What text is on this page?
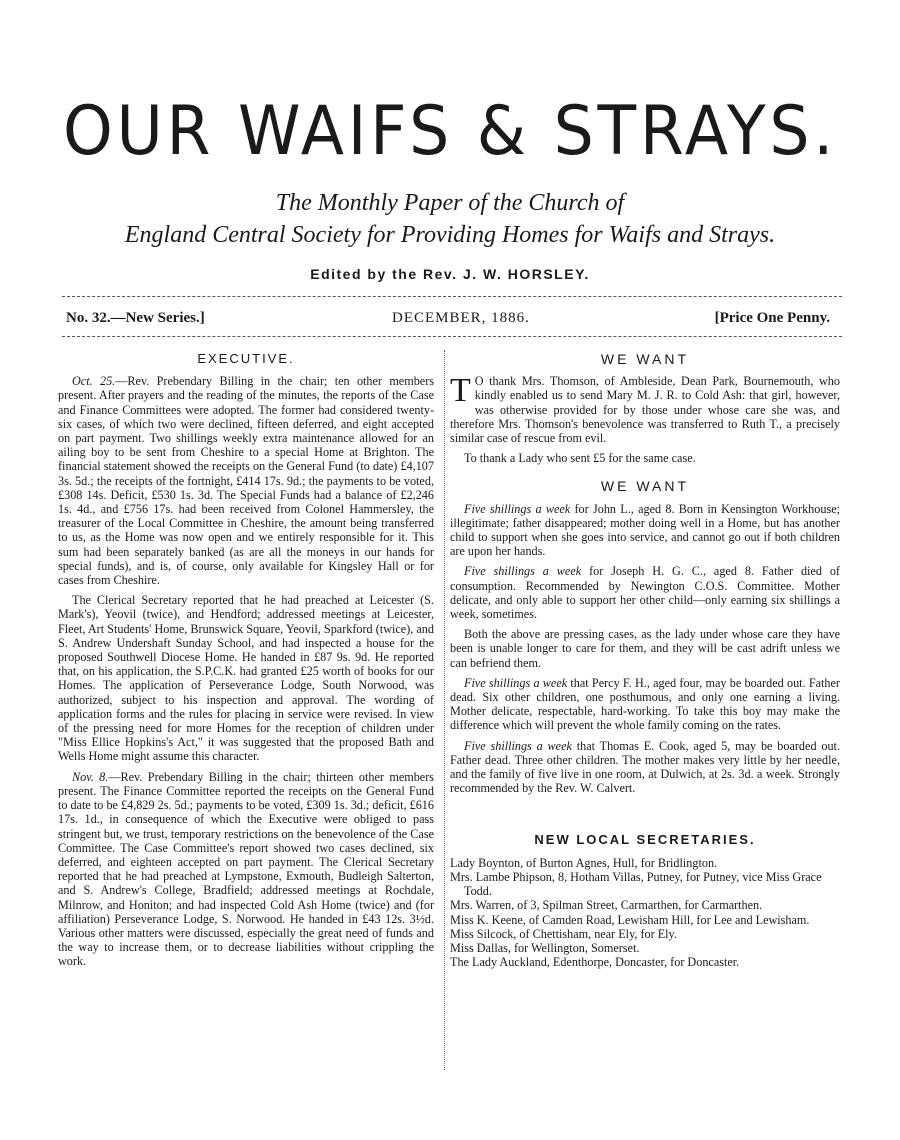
OUR WAIFS & STRAYS.
The Monthly Paper of the Church of
England Central Society for Providing Homes for Waifs and Strays.
Edited by the Rev. J. W. HORSLEY.
No. 32.—New Series.]	DECEMBER, 1886.	[Price One Penny.
EXECUTIVE.

Oct. 25.—Rev. Prebendary Billing in the chair; ten other members present. After prayers and the reading of the minutes, the reports of the Case and Finance Committees were adopted. The former had considered twenty-six cases, of which two were declined, fifteen deferred, and eight accepted on part payment. Two shillings weekly extra maintenance allowed for an ailing boy to be sent from Cheshire to a special Home at Brighton. The financial statement showed the receipts on the General Fund (to date) £4,107 3s. 5d.; the receipts of the fortnight, £414 17s. 9d.; the payments to be voted, £308 14s. Deficit, £530 1s. 3d. The Special Funds had a balance of £2,246 1s. 4d., and £756 17s. had been received from Colonel Hammersley, the treasurer of the Local Committee in Cheshire, the amount being transferred to us, as the Home was now open and we entirely responsible for it. This sum had been separately banked (as are all the moneys in our hands for special funds), and is, of course, only available for Kingsley Hall or for cases from Cheshire.

The Clerical Secretary reported that he had preached at Leicester (S. Mark's), Yeovil (twice), and Hendford; addressed meetings at Leicester, Fleet, Art Students' Home, Brunswick Square, Yeovil, Sparkford (twice), and S. Andrew Undershaft Sunday School, and had inspected a house for the proposed Southwell Diocese Home. He handed in £87 9s. 9d. He reported that, on his application, the S.P.C.K. had granted £25 worth of books for our Homes. The application of Perseverance Lodge, South Norwood, was authorized, subject to his inspection and approval. The wording of application forms and the rules for placing in service were revised. In view of the pressing need for more Homes for the reception of children under "Miss Ellice Hopkins's Act," it was suggested that the proposed Bath and Wells Home might assume this character.

Nov. 8.—Rev. Prebendary Billing in the chair; thirteen other members present. The Finance Committee reported the receipts on the General Fund to date to be £4,829 2s. 5d.; payments to be voted, £309 1s. 3d.; deficit, £616 17s. 1d., in consequence of which the Executive were obliged to pass stringent but, we trust, temporary restrictions on the benevolence of the Case Committee. The Case Committee's report showed two cases declined, six deferred, and eighteen accepted on part payment. The Clerical Secretary reported that he had preached at Lympstone, Exmouth, Budleigh Salterton, and S. Andrew's College, Bradfield; addressed meetings at Rochdale, Milnrow, and Honiton; and had inspected Cold Ash Home (twice) and (for affiliation) Perseverance Lodge, S. Norwood. He handed in £43 12s. 3½d. Various other matters were discussed, especially the great need of funds and the way to increase them, or to decrease liabilities without crippling the work.

WE WANT

T O thank Mrs. Thomson, of Ambleside, Dean Park, Bournemouth, who kindly enabled us to send Mary M. J. R. to Cold Ash: that girl, however, was otherwise provided for by those under whose care she was, and therefore Mrs. Thomson's benevolence was transferred to Ruth T., a precisely similar case of rescue from evil.

To thank a Lady who sent £5 for the same case.

WE WANT

Five shillings a week for John L., aged 8. Born in Kensington Workhouse; illegitimate; father disappeared; mother doing well in a Home, but has another child to support when she goes into service, and cannot go out if both children are upon her hands.

Five shillings a week for Joseph H. G. C., aged 8. Father died of consumption. Recommended by Newington C.O.S. Committee. Mother delicate, and only able to support her other child—only earning six shillings a week, sometimes.

Both the above are pressing cases, as the lady under whose care they have been is unable longer to care for them, and they will be cast adrift unless we can befriend them.

Five shillings a week that Percy F. H., aged four, may be boarded out. Father dead. Six other children, one posthumous, and only one earning a living. Mother delicate, respectable, hard-working. To take this boy may make the difference which will prevent the whole family coming on the rates.

Five shillings a week that Thomas E. Cook, aged 5, may be boarded out. Father dead. Three other children. The mother makes very little by her needle, and the family of five live in one room, at Dulwich, at 2s. 3d. a week. Strongly recommended by the Rev. W. Calvert.

NEW LOCAL SECRETARIES.
Lady Boynton, of Burton Agnes, Hull, for Bridlington.
Mrs. Lambe Phipson, 8, Hotham Villas, Putney, for Putney, vice Miss Grace Todd.
Mrs. Warren, of 3, Spilman Street, Carmarthen, for Carmarthen.
Miss K. Keene, of Camden Road, Lewisham Hill, for Lee and Lewisham.
Miss Silcock, of Chettisham, near Ely, for Ely.
Miss Dallas, for Wellington, Somerset.
The Lady Auckland, Edenthorpe, Doncaster, for Doncaster.
